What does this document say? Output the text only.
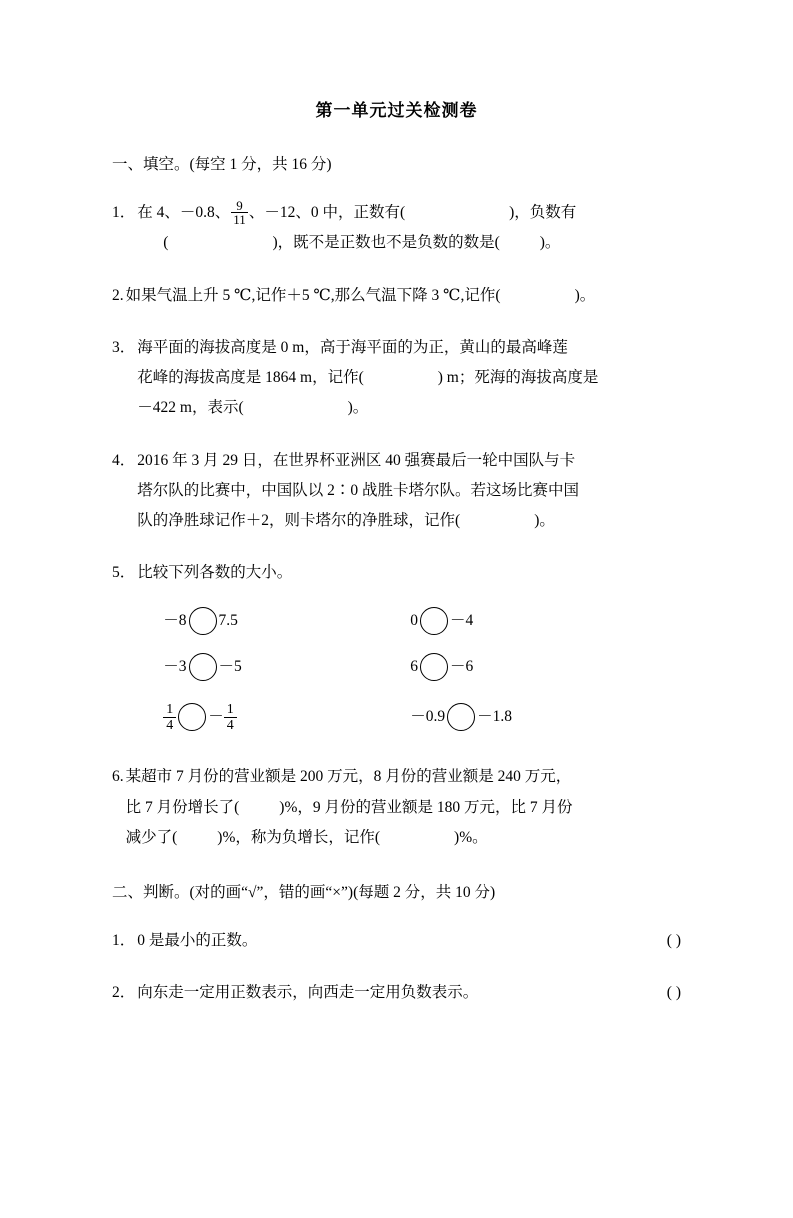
第一单元过关检测卷
一、填空。(每空 1 分，共 16 分)
1． 在 4、－0.8、 $\frac{9}{11}$ 、－12、0 中，正数有(	)，负数有
(	)，既不是正数也不是负数的数是(	)。
2. 如果气温上升 5 ℃,记作＋5 ℃,那么气温下降 3 ℃,记作(	)。
3． 海平面的海拔高度是 0 m，高于海平面的为正，黄山的最高峰莲
花峰的海拔高度是 1864 m，记作(	) m；死海的海拔高度是
－422 m，表示(	)。
4． 2016 年 3 月 29 日，在世界杯亚洲区 40 强赛最后一轮中国队与卡
塔尔队的比赛中，中国队以 2∶0 战胜卡塔尔队。若这场比赛中国
队的净胜球记作＋2，则卡塔尔的净胜球，记作(	)。
5． 比较下列各数的大小。
－8 7.5	0 －4
－3 －5	6 －6
$\frac{1}{4} - \frac{1}{4}$	－0.9 －1.8
6. 某超市 7 月份的营业额是 200 万元，8 月份的营业额是 240 万元，
比 7 月份增长了(	)%，9 月份的营业额是 180 万元，比 7 月份
减少了(	)%，称为负增长，记作(	)%。
二、判断。(对的画“√”，错的画“×”)(每题 2 分，共 10 分)
1． 0 是最小的正数。	( )
2． 向东走一定用正数表示，向西走一定用负数表示。	( )
